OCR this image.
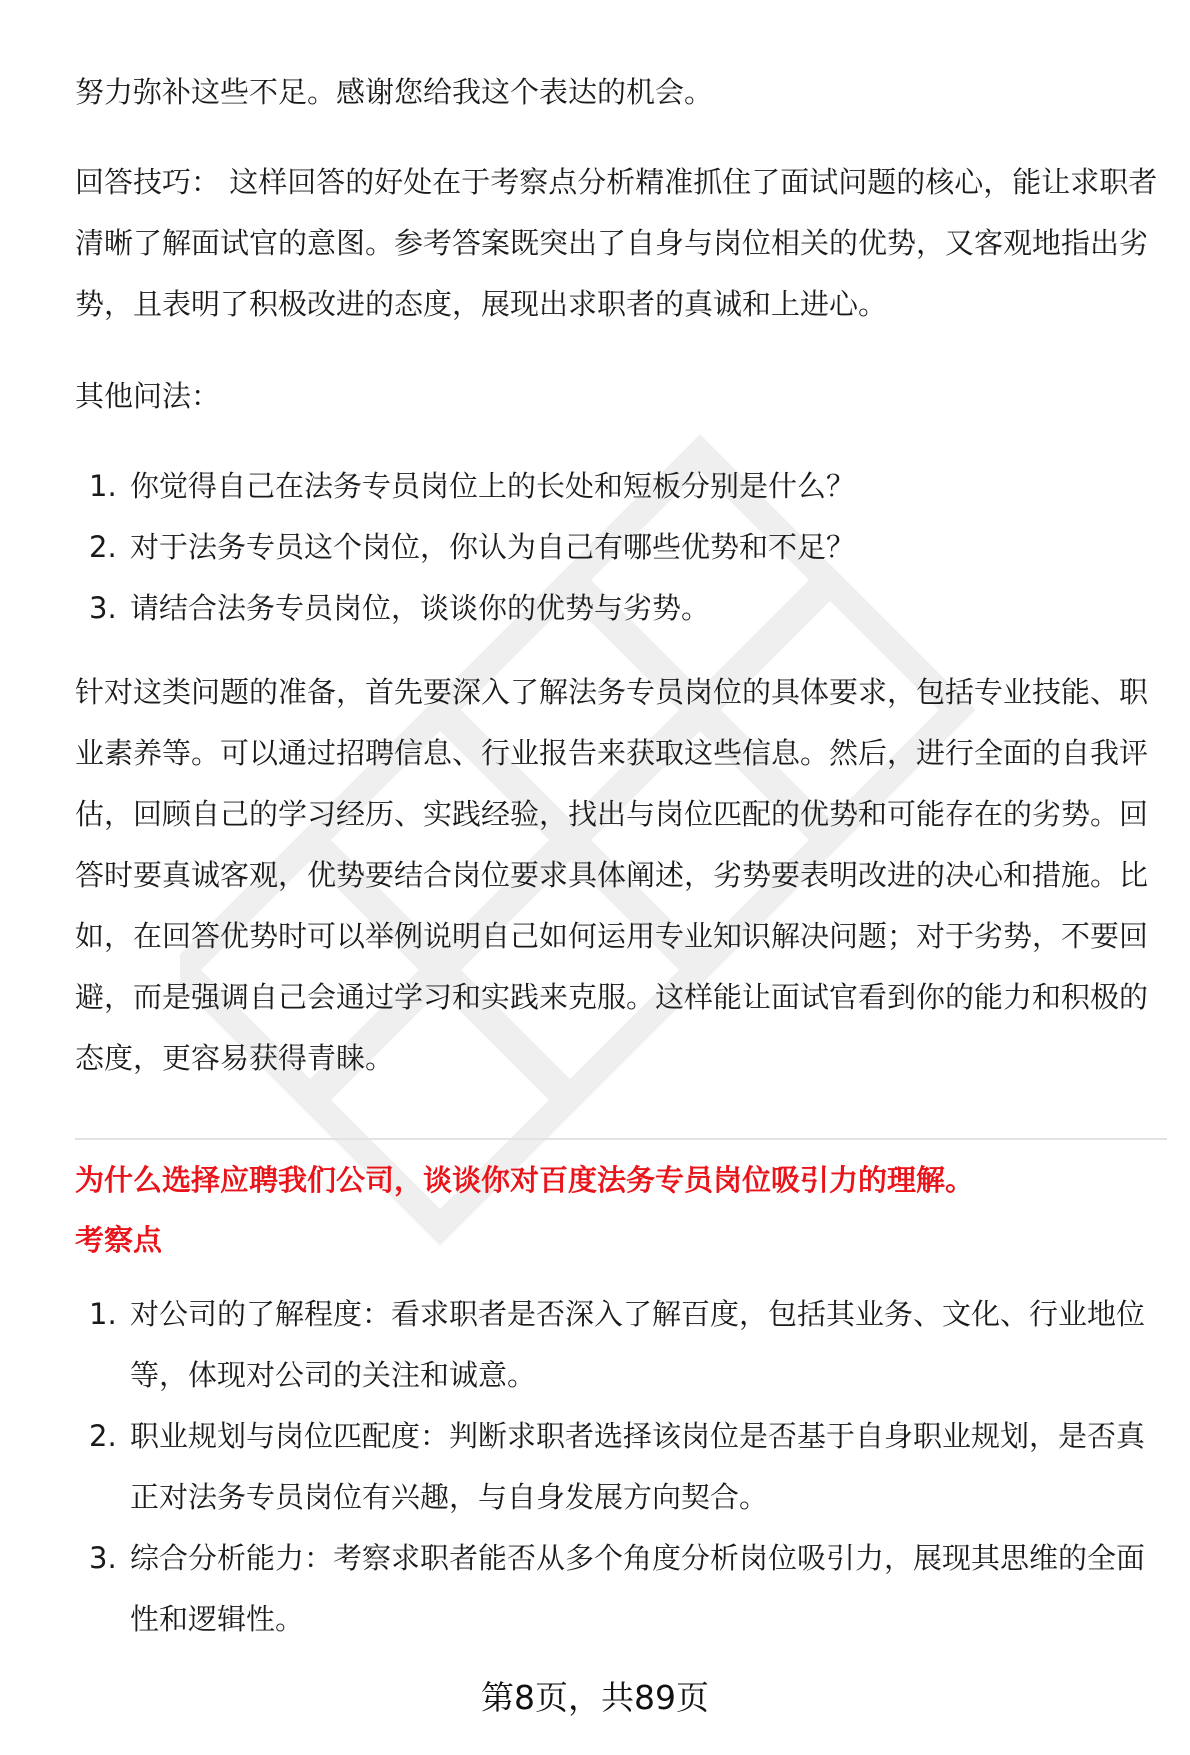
努力弥补这些不足。感谢您给我这个表达的机会。

回答技巧： 这样回答的好处在于考察点分析精准抓住了面试问题的核心，能让求职者清晰了解面试官的意图。参考答案既突出了自身与岗位相关的优势，又客观地指出劣势，且表明了积极改进的态度，展现出求职者的真诚和上进心。

其他问法：

1. 你觉得自己在法务专员岗位上的长处和短板分别是什么？
2. 对于法务专员这个岗位，你认为自己有哪些优势和不足？
3. 请结合法务专员岗位，谈谈你的优势与劣势。

针对这类问题的准备，首先要深入了解法务专员岗位的具体要求，包括专业技能、职业素养等。可以通过招聘信息、行业报告来获取这些信息。然后，进行全面的自我评估，回顾自己的学习经历、实践经验，找出与岗位匹配的优势和可能存在的劣势。回答时要真诚客观，优势要结合岗位要求具体阐述，劣势要表明改进的决心和措施。比如，在回答优势时可以举例说明自己如何运用专业知识解决问题；对于劣势，不要回避，而是强调自己会通过学习和实践来克服。这样能让面试官看到你的能力和积极的态度，更容易获得青睐。

为什么选择应聘我们公司，谈谈你对百度法务专员岗位吸引力的理解。

考察点

1. 对公司的了解程度：看求职者是否深入了解百度，包括其业务、文化、行业地位等，体现对公司的关注和诚意。
2. 职业规划与岗位匹配度：判断求职者选择该岗位是否基于自身职业规划，是否真正对法务专员岗位有兴趣，与自身发展方向契合。
3. 综合分析能力：考察求职者能否从多个角度分析岗位吸引力，展现其思维的全面性和逻辑性。
第8页，共89页
